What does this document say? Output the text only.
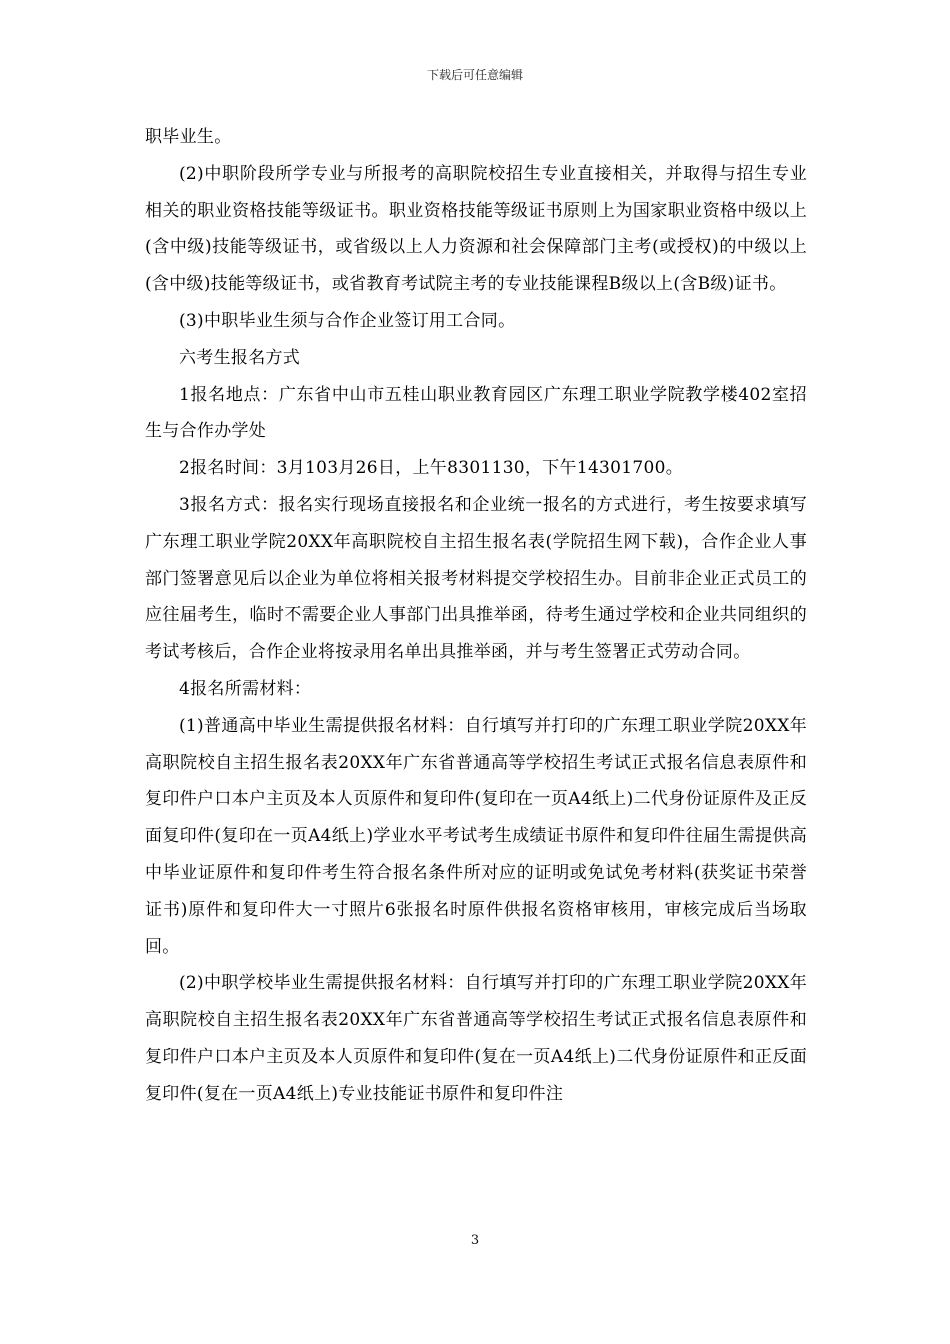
下载后可任意编辑

职毕业生。

(2)中职阶段所学专业与所报考的高职院校招生专业直接相关，并取得与招生专业相关的职业资格技能等级证书。职业资格技能等级证书原则上为国家职业资格中级以上(含中级)技能等级证书，或省级以上人力资源和社会保障部门主考(或授权)的中级以上(含中级)技能等级证书，或省教育考试院主考的专业技能课程B级以上(含B级)证书。

(3)中职毕业生须与合作企业签订用工合同。

六考生报名方式

1报名地点：广东省中山市五桂山职业教育园区广东理工职业学院教学楼402室招生与合作办学处

2报名时间：3月103月26日，上午8301130，下午14301700。

3报名方式：报名实行现场直接报名和企业统一报名的方式进行，考生按要求填写广东理工职业学院20XX年高职院校自主招生报名表(学院招生网下载)，合作企业人事部门签署意见后以企业为单位将相关报考材料提交学校招生办。目前非企业正式员工的应往届考生，临时不需要企业人事部门出具推举函，待考生通过学校和企业共同组织的考试考核后，合作企业将按录用名单出具推举函，并与考生签署正式劳动合同。

4报名所需材料：

(1)普通高中毕业生需提供报名材料：自行填写并打印的广东理工职业学院20XX年高职院校自主招生报名表20XX年广东省普通高等学校招生考试正式报名信息表原件和复印件户口本户主页及本人页原件和复印件(复印在一页A4纸上)二代身份证原件及正反面复印件(复印在一页A4纸上)学业水平考试考生成绩证书原件和复印件往届生需提供高中毕业证原件和复印件考生符合报名条件所对应的证明或免试免考材料(获奖证书荣誉证书)原件和复印件大一寸照片6张报名时原件供报名资格审核用，审核完成后当场取回。

(2)中职学校毕业生需提供报名材料：自行填写并打印的广东理工职业学院20XX年高职院校自主招生报名表20XX年广东省普通高等学校招生考试正式报名信息表原件和复印件户口本户主页及本人页原件和复印件(复在一页A4纸上)二代身份证原件和正反面复印件(复在一页A4纸上)专业技能证书原件和复印件注

3
